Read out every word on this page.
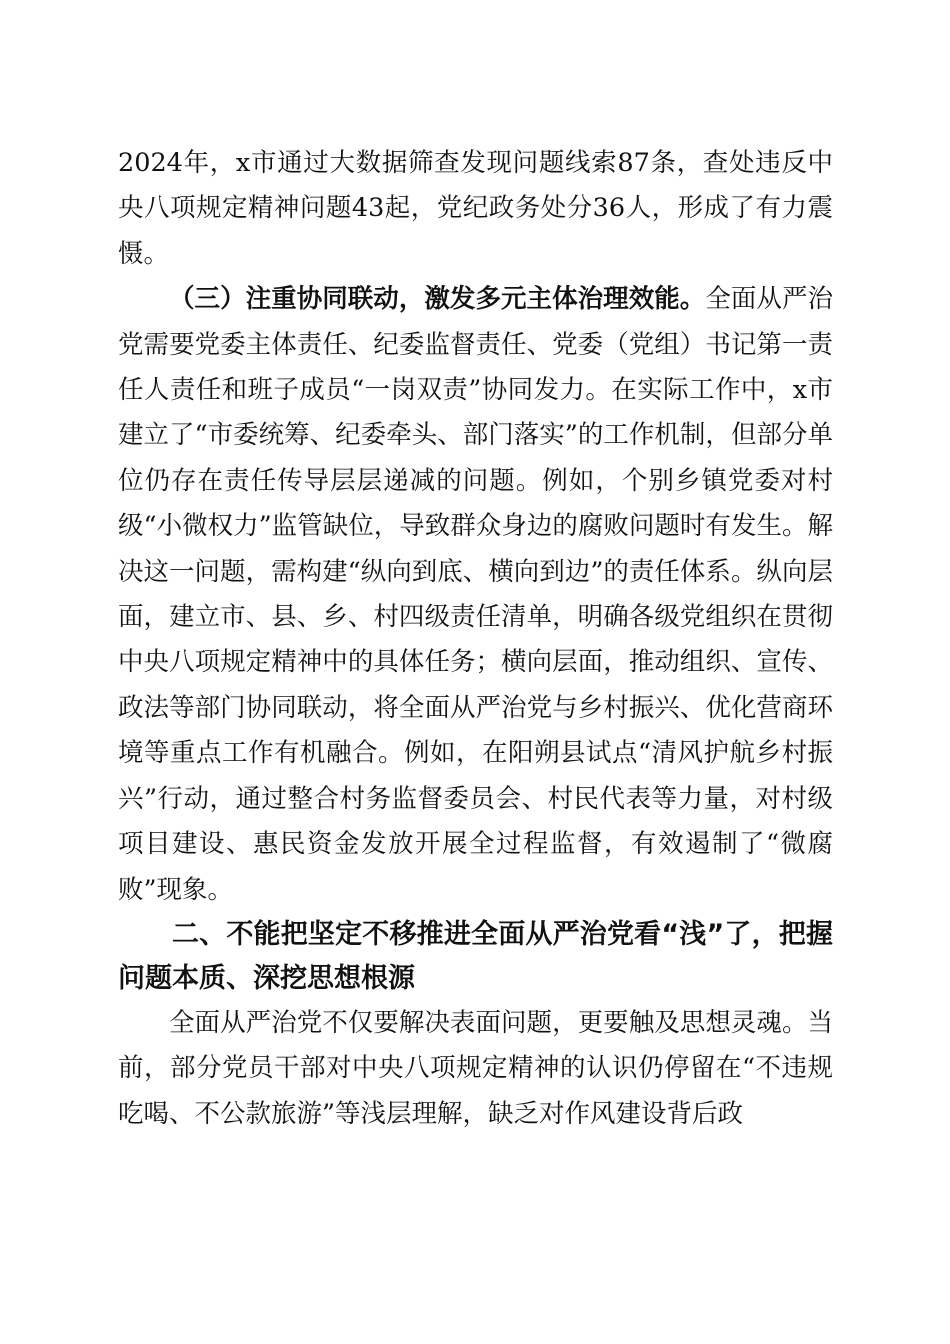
2024年，x市通过大数据筛查发现问题线索87条，查处违反中央八项规定精神问题43起，党纪政务处分36人，形成了有力震慑。

（三）注重协同联动，激发多元主体治理效能。全面从严治党需要党委主体责任、纪委监督责任、党委（党组）书记第一责任人责任和班子成员“一岗双责”协同发力。在实际工作中，x市建立了“市委统筹、纪委牵头、部门落实”的工作机制，但部分单位仍存在责任传导层层递减的问题。例如，个别乡镇党委对村级“小微权力”监管缺位，导致群众身边的腐败问题时有发生。解决这一问题，需构建“纵向到底、横向到边”的责任体系。纵向层面，建立市、县、乡、村四级责任清单，明确各级党组织在贯彻中央八项规定精神中的具体任务；横向层面，推动组织、宣传、政法等部门协同联动，将全面从严治党与乡村振兴、优化营商环境等重点工作有机融合。例如，在阳朔县试点“清风护航乡村振兴”行动，通过整合村务监督委员会、村民代表等力量，对村级项目建设、惠民资金发放开展全过程监督，有效遏制了“微腐败”现象。

二、不能把坚定不移推进全面从严治党看“浅”了，把握问题本质、深挖思想根源

全面从严治党不仅要解决表面问题，更要触及思想灵魂。当前，部分党员干部对中央八项规定精神的认识仍停留在“不违规吃喝、不公款旅游”等浅层理解，缺乏对作风建设背后政
